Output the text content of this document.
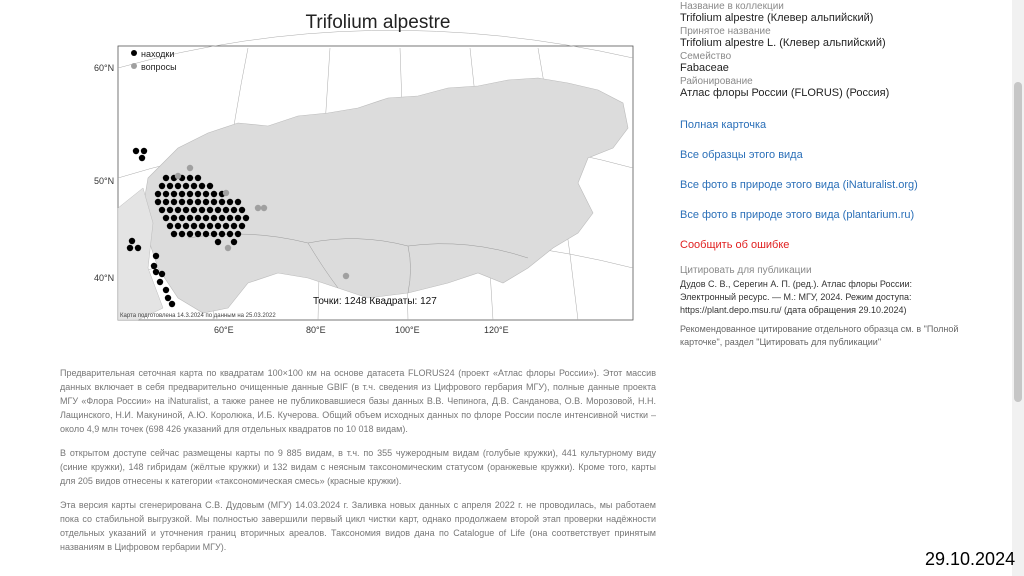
находки
вопросы
60°N
50°N
40°N
60°E	80°E	100°E	120°E
Точки: 1248 Квадраты: 127
Карта подготовлена 14.3.2024 по данным на 25.03.2022
Trifolium alpestre

Предварительная сеточная карта по квадратам 100×100 км на основе датасета FLORUS24 (проект «Атлас флоры России»). Этот массив данных включает в себя предварительно очищенные данные GBIF (в т.ч. сведения из Цифрового гербария МГУ), полные данные проекта МГУ «Флора России» на iNaturalist, а также ранее не публиковавшиеся базы данных В.В. Чепинога, Д.В. Санданова, О.В. Морозовой, Н.Н. Лащинского, Н.И. Макуниной, А.Ю. Королюка, И.Б. Кучерова. Общий объем исходных данных по флоре России после интенсивной чистки – около 4,9 млн точек (698 426 указаний для отдельных квадратов по 10 018 видам).

В открытом доступе сейчас размещены карты по 9 885 видам, в т.ч. по 355 чужеродным видам (голубые кружки), 441 культурному виду (синие кружки), 148 гибридам (жёлтые кружки) и 132 видам с неясным таксономическим статусом (оранжевые кружки). Кроме того, карты для 205 видов отнесены к категории «таксономическая смесь» (красные кружки).

Эта версия карты сгенерирована С.В. Дудовым (МГУ) 14.03.2024 г. Заливка новых данных с апреля 2022 г. не проводилась, мы работаем пока со стабильной выгрузкой. Мы полностью завершили первый цикл чистки карт, однако продолжаем второй этап проверки надёжности отдельных указаний и уточнения границ вторичных ареалов. Таксономия видов дана по Catalogue of Life (она соответствует принятым названиям в Цифровом гербарии МГУ).

Название в коллекции
Trifolium alpestre (Клевер альпийский)
Принятое название
Trifolium alpestre L. (Клевер альпийский)
Семейство
Fabaceae
Районирование
Атлас флоры России (FLORUS) (Россия)
Полная карточка
Все образцы этого вида
Все фото в природе этого вида (iNaturalist.org)
Все фото в природе этого вида (plantarium.ru)
Сообщить об ошибке
Цитировать для публикации
Дудов С. В., Серегин А. П. (ред.). Атлас флоры России: Электронный ресурс. — М.: МГУ, 2024. Режим доступа: https://plant.depo.msu.ru/ (дата обращения 29.10.2024)
Рекомендованное цитирование отдельного образца см. в "Полной карточке", раздел "Цитировать для публикации"
29.10.2024
